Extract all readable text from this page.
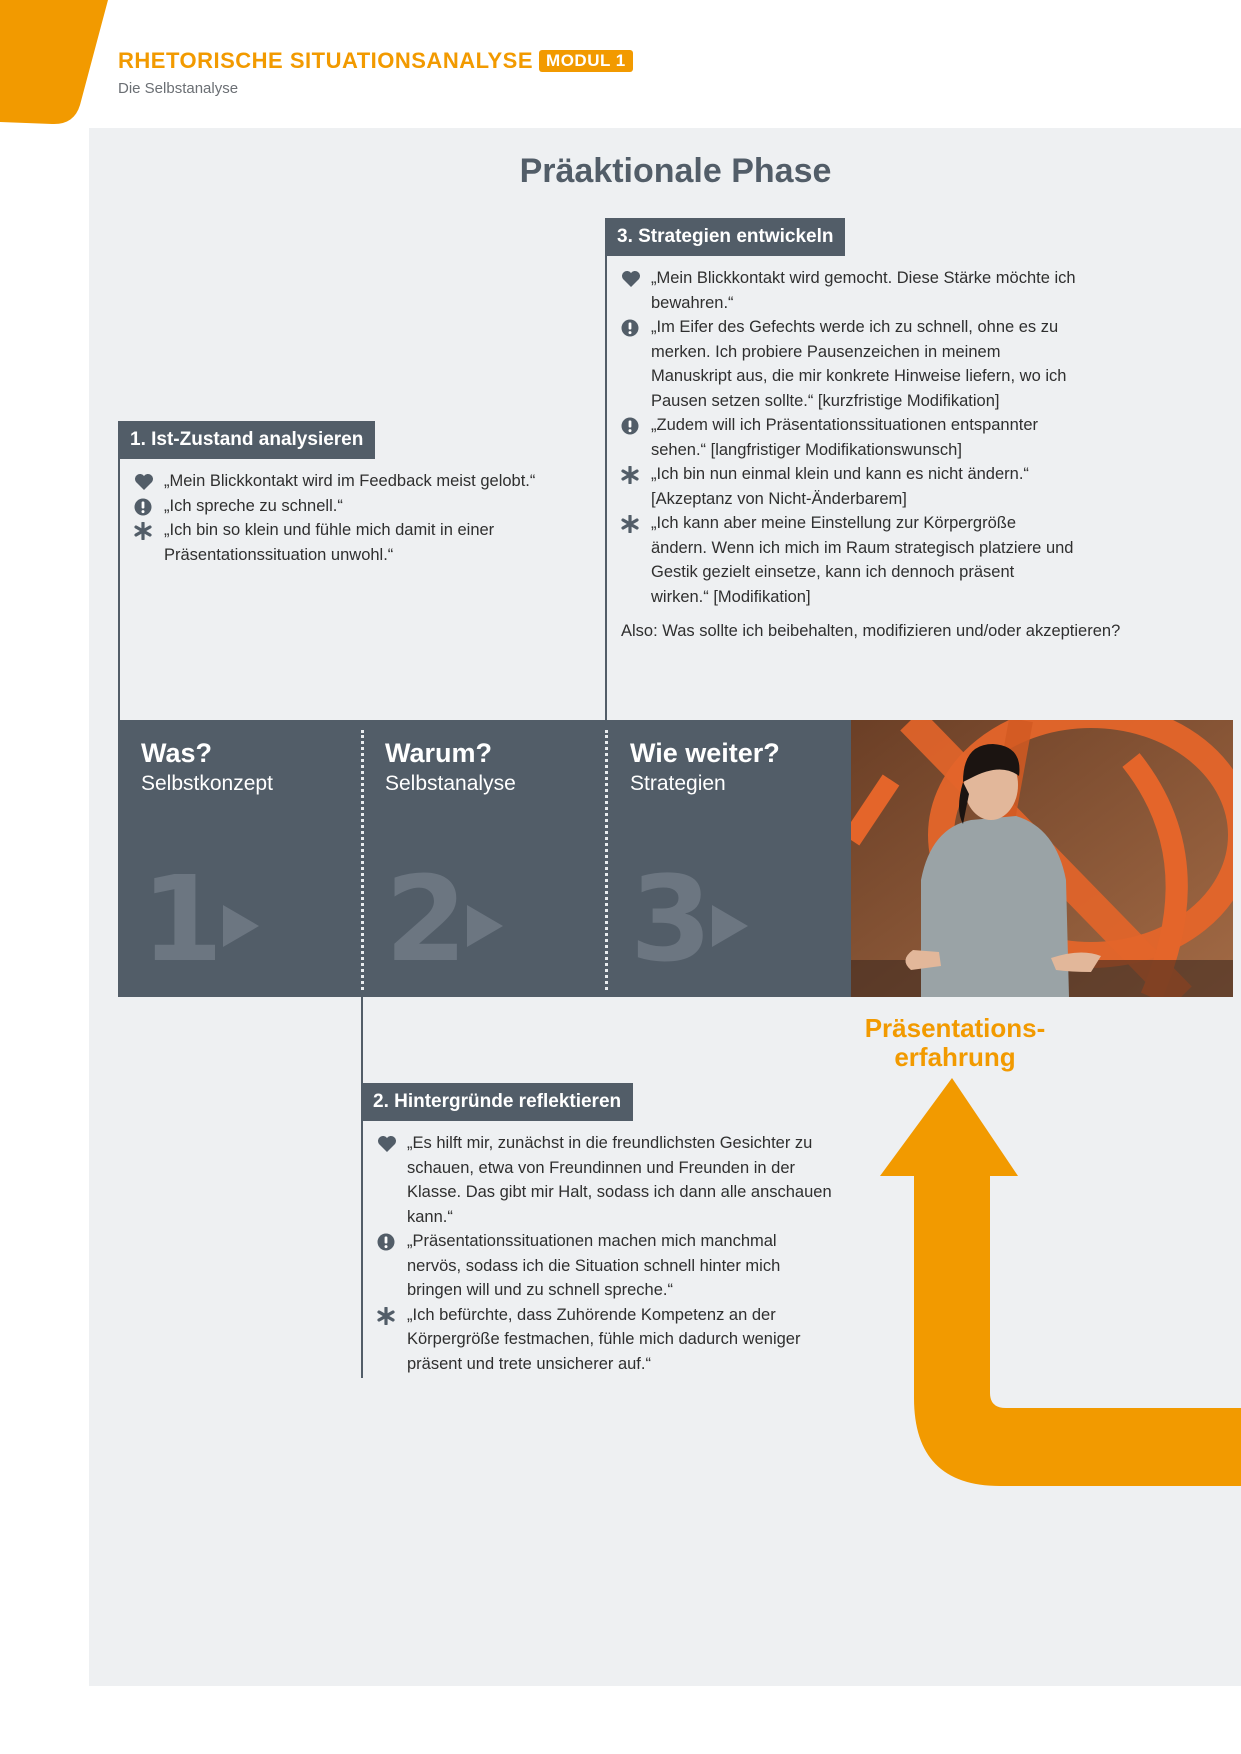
RHETORISCHE SITUATIONSANALYSE MODUL 1
Die Selbstanalyse
Präaktionale Phase
1. Ist-Zustand analysieren
„Mein Blickkontakt wird im Feedback meist gelobt.“
„Ich spreche zu schnell.“
„Ich bin so klein und fühle mich damit in einer Präsentationssituation unwohl.“
3. Strategien entwickeln
„Mein Blickkontakt wird gemocht. Diese Stärke möchte ich bewahren.“
„Im Eifer des Gefechts werde ich zu schnell, ohne es zu merken. Ich probiere Pausenzeichen in meinem Manuskript aus, die mir konkrete Hinweise liefern, wo ich Pausen setzen sollte.“ [kurzfristige Modifikation]
„Zudem will ich Präsentationssituationen entspannter sehen.“ [langfristiger Modifikationswunsch]
„Ich bin nun einmal klein und kann es nicht ändern.“ [Akzeptanz von Nicht-Änderbarem]
„Ich kann aber meine Einstellung zur Körpergröße ändern. Wenn ich mich im Raum strategisch platziere und Gestik gezielt einsetze, kann ich dennoch präsent wirken.“ [Modifikation]
Also: Was sollte ich beibehalten, modifizieren und/oder akzeptieren?
Was?
Selbstkonzept
1
Warum?
Selbstanalyse
2
Wie weiter?
Strategien
3
Präsentations-
erfahrung
2. Hintergründe reflektieren
„Es hilft mir, zunächst in die freundlichsten Gesichter zu schauen, etwa von Freundinnen und Freunden in der Klasse. Das gibt mir Halt, sodass ich dann alle anschauen kann.“
„Präsentationssituationen machen mich manchmal nervös, sodass ich die Situation schnell hinter mich bringen will und zu schnell spreche.“
„Ich befürchte, dass Zuhörende Kompetenz an der Körpergröße festmachen, fühle mich dadurch weniger präsent und trete unsicherer auf.“
